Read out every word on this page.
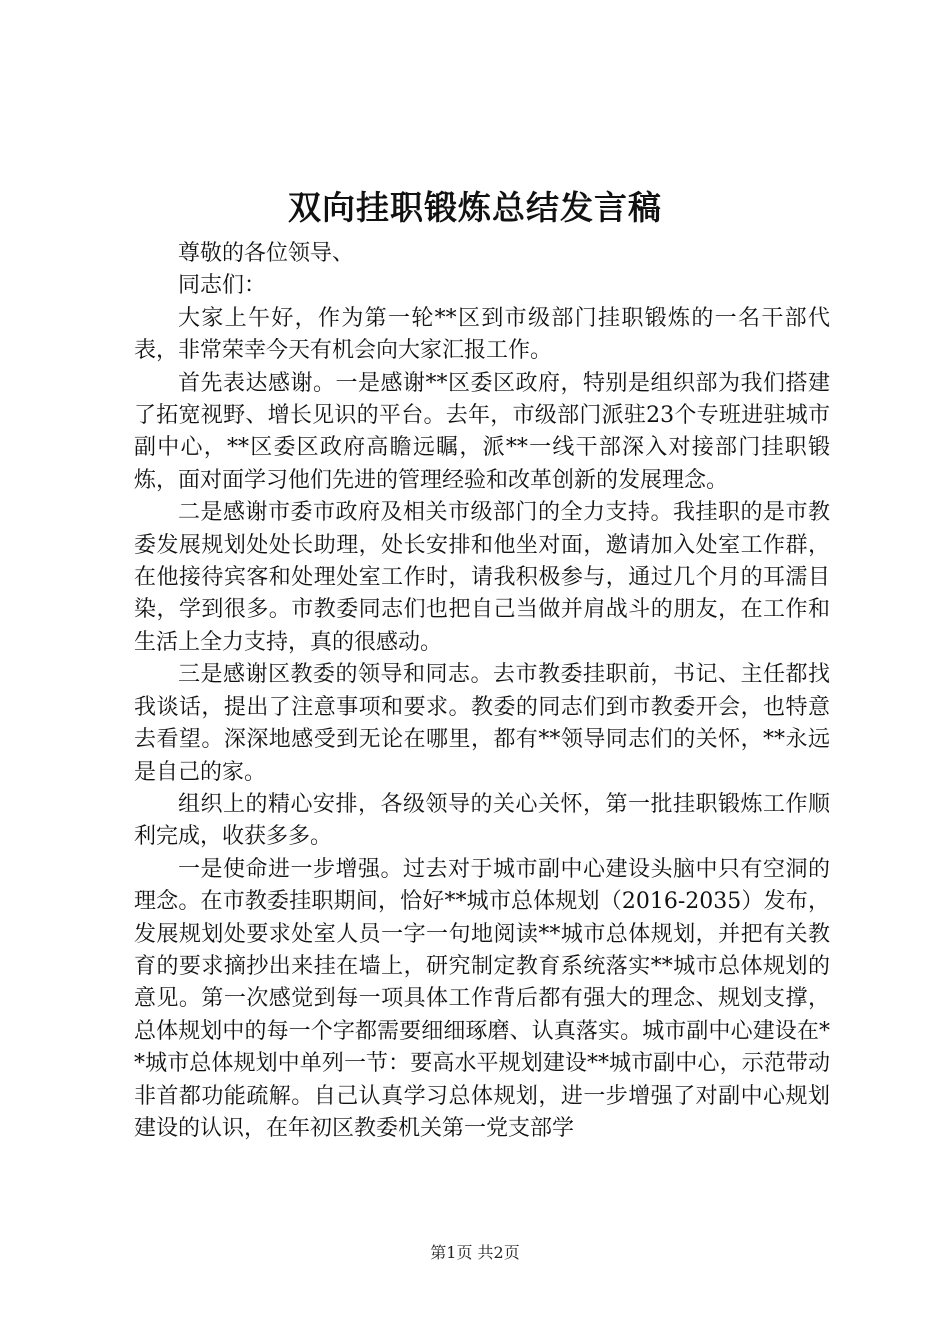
双向挂职锻炼总结发言稿

尊敬的各位领导、

同志们：

大家上午好，作为第一轮**区到市级部门挂职锻炼的一名干部代表，非常荣幸今天有机会向大家汇报工作。

首先表达感谢。一是感谢**区委区政府，特别是组织部为我们搭建了拓宽视野、增长见识的平台。去年，市级部门派驻23个专班进驻城市副中心，**区委区政府高瞻远瞩，派**一线干部深入对接部门挂职锻炼，面对面学习他们先进的管理经验和改革创新的发展理念。

二是感谢市委市政府及相关市级部门的全力支持。我挂职的是市教委发展规划处处长助理，处长安排和他坐对面，邀请加入处室工作群，在他接待宾客和处理处室工作时，请我积极参与，通过几个月的耳濡目染，学到很多。市教委同志们也把自己当做并肩战斗的朋友，在工作和生活上全力支持，真的很感动。

三是感谢区教委的领导和同志。去市教委挂职前，书记、主任都找我谈话，提出了注意事项和要求。教委的同志们到市教委开会，也特意去看望。深深地感受到无论在哪里，都有**领导同志们的关怀，**永远是自己的家。

组织上的精心安排，各级领导的关心关怀，第一批挂职锻炼工作顺利完成，收获多多。

一是使命进一步增强。过去对于城市副中心建设头脑中只有空洞的理念。在市教委挂职期间，恰好**城市总体规划（2016-2035）发布，发展规划处要求处室人员一字一句地阅读**城市总体规划，并把有关教育的要求摘抄出来挂在墙上，研究制定教育系统落实**城市总体规划的意见。第一次感觉到每一项具体工作背后都有强大的理念、规划支撑，总体规划中的每一个字都需要细细琢磨、认真落实。城市副中心建设在**城市总体规划中单列一节：要高水平规划建设**城市副中心，示范带动非首都功能疏解。自己认真学习总体规划，进一步增强了对副中心规划建设的认识，在年初区教委机关第一党支部学

第1页 共2页
